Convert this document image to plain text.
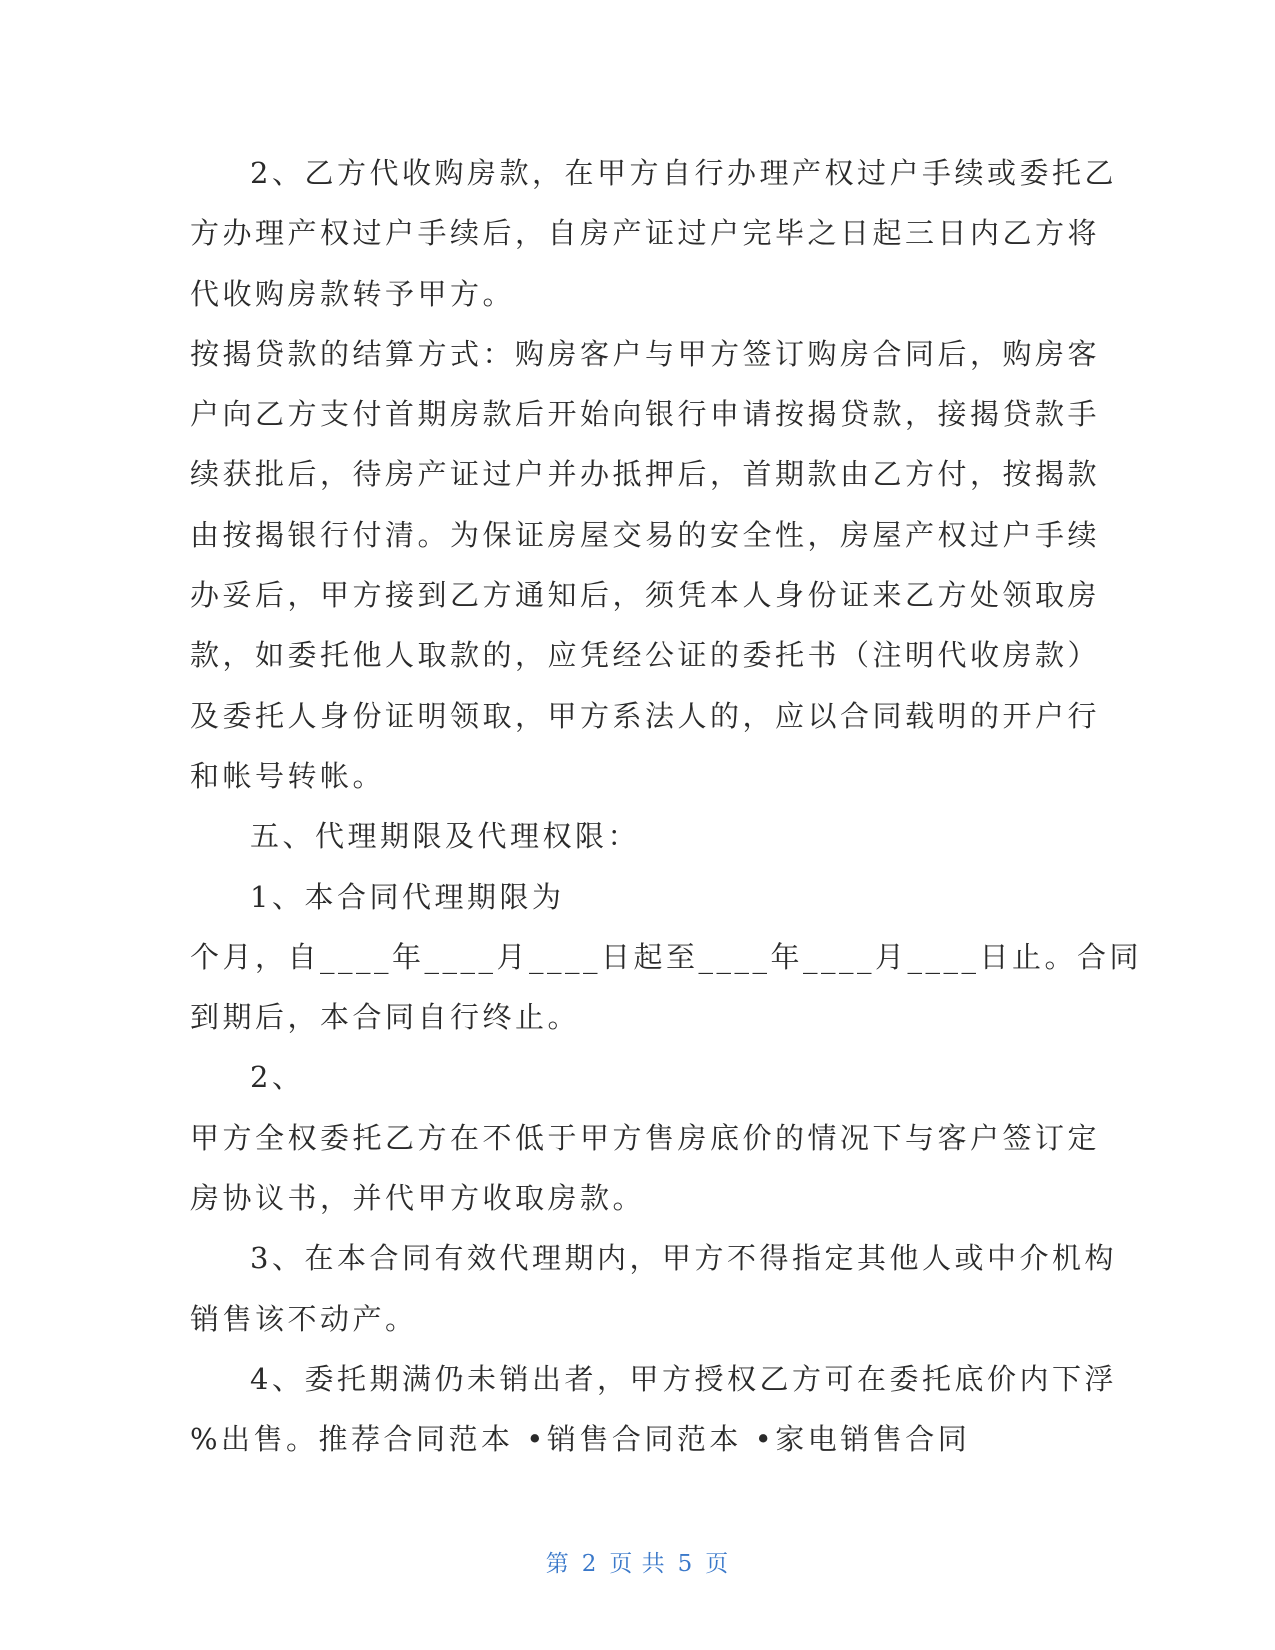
2、乙方代收购房款，在甲方自行办理产权过户手续或委托乙
方办理产权过户手续后，自房产证过户完毕之日起三日内乙方将
代收购房款转予甲方。
按揭贷款的结算方式：购房客户与甲方签订购房合同后，购房客
户向乙方支付首期房款后开始向银行申请按揭贷款，接揭贷款手
续获批后，待房产证过户并办抵押后，首期款由乙方付，按揭款
由按揭银行付清。为保证房屋交易的安全性，房屋产权过户手续
办妥后，甲方接到乙方通知后，须凭本人身份证来乙方处领取房
款，如委托他人取款的，应凭经公证的委托书（注明代收房款）
及委托人身份证明领取，甲方系法人的，应以合同载明的开户行
和帐号转帐。
五、代理期限及代理权限：
1、本合同代理期限为
个月，自____年____月____日起至____年____月____日止。合同
到期后，本合同自行终止。
2、
甲方全权委托乙方在不低于甲方售房底价的情况下与客户签订定
房协议书，并代甲方收取房款。
3、在本合同有效代理期内，甲方不得指定其他人或中介机构
销售该不动产。
4、委托期满仍未销出者，甲方授权乙方可在委托底价内下浮
%出售。推荐合同范本 •销售合同范本 •家电销售合同
第 2 页 共 5 页
